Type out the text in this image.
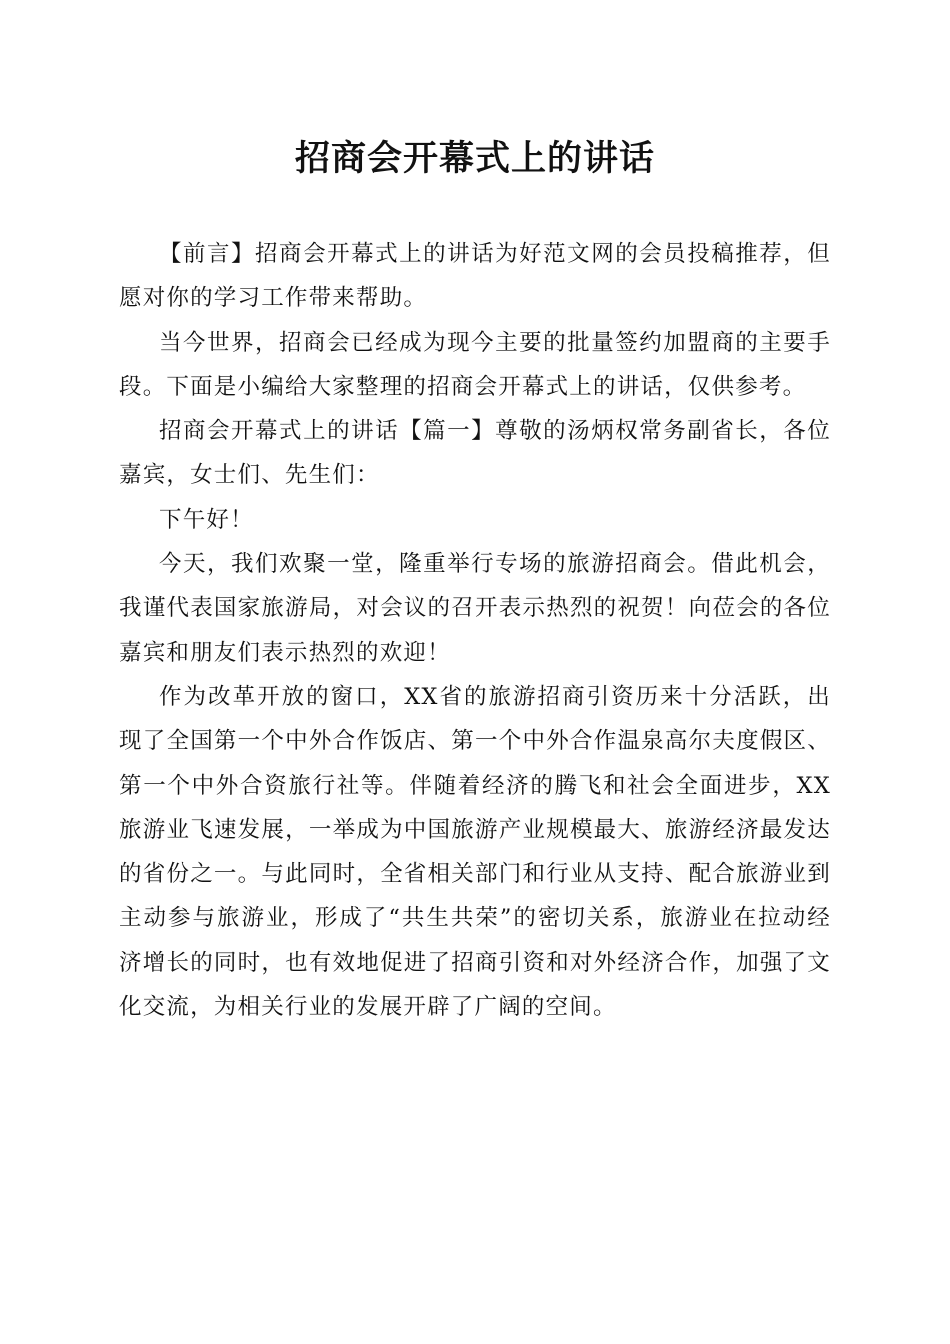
招商会开幕式上的讲话

【前言】招商会开幕式上的讲话为好范文网的会员投稿推荐，但愿对你的学习工作带来帮助。

当今世界，招商会已经成为现今主要的批量签约加盟商的主要手段。下面是小编给大家整理的招商会开幕式上的讲话，仅供参考。

招商会开幕式上的讲话【篇一】尊敬的汤炳权常务副省长，各位嘉宾，女士们、先生们：

下午好！

今天，我们欢聚一堂，隆重举行专场的旅游招商会。借此机会，我谨代表国家旅游局，对会议的召开表示热烈的祝贺！向莅会的各位嘉宾和朋友们表示热烈的欢迎！

作为改革开放的窗口，XX省的旅游招商引资历来十分活跃，出现了全国第一个中外合作饭店、第一个中外合作温泉高尔夫度假区、第一个中外合资旅行社等。伴随着经济的腾飞和社会全面进步，XX旅游业飞速发展，一举成为中国旅游产业规模最大、旅游经济最发达的省份之一。与此同时，全省相关部门和行业从支持、配合旅游业到主动参与旅游业，形成了“共生共荣”的密切关系，旅游业在拉动经济增长的同时，也有效地促进了招商引资和对外经济合作，加强了文化交流，为相关行业的发展开辟了广阔的空间。
